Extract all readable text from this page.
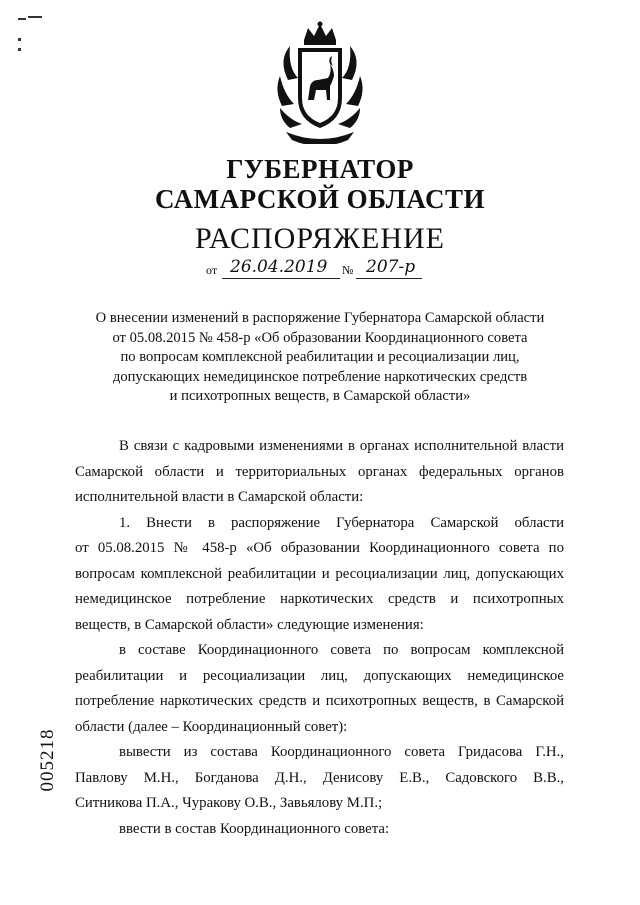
ГУБЕРНАТОР
САМАРСКОЙ ОБЛАСТИ
РАСПОРЯЖЕНИЕ
от 26.04.2019 № 207-р
О внесении изменений в распоряжение Губернатора Самарской области
от 05.08.2015 № 458-р «Об образовании Координационного совета
по вопросам комплексной реабилитации и ресоциализации лиц,
допускающих немедицинское потребление наркотических средств
и психотропных веществ, в Самарской области»

В связи с кадровыми изменениями в органах исполнительной власти

Самарской области и территориальных органах федеральных органов

исполнительной власти в Самарской области:

1. Внести в распоряжение Губернатора Самарской области

от 05.08.2015 № 458-р «Об образовании Координационного совета по

вопросам комплексной реабилитации и ресоциализации лиц, допускающих

немедицинское потребление наркотических средств и психотропных

веществ, в Самарской области» следующие изменения:

в составе Координационного совета по вопросам комплексной

реабилитации и ресоциализации лиц, допускающих немедицинское

потребление наркотических средств и психотропных веществ, в Самарской

области (далее – Координационный совет):

вывести из состава Координационного совета Гридасова Г.Н.,

Павлову М.Н., Богданова Д.Н., Денисову Е.В., Садовского В.В.,

Ситникова П.А., Чуракову О.В., Завьялову М.П.;

ввести в состав Координационного совета:

005218
